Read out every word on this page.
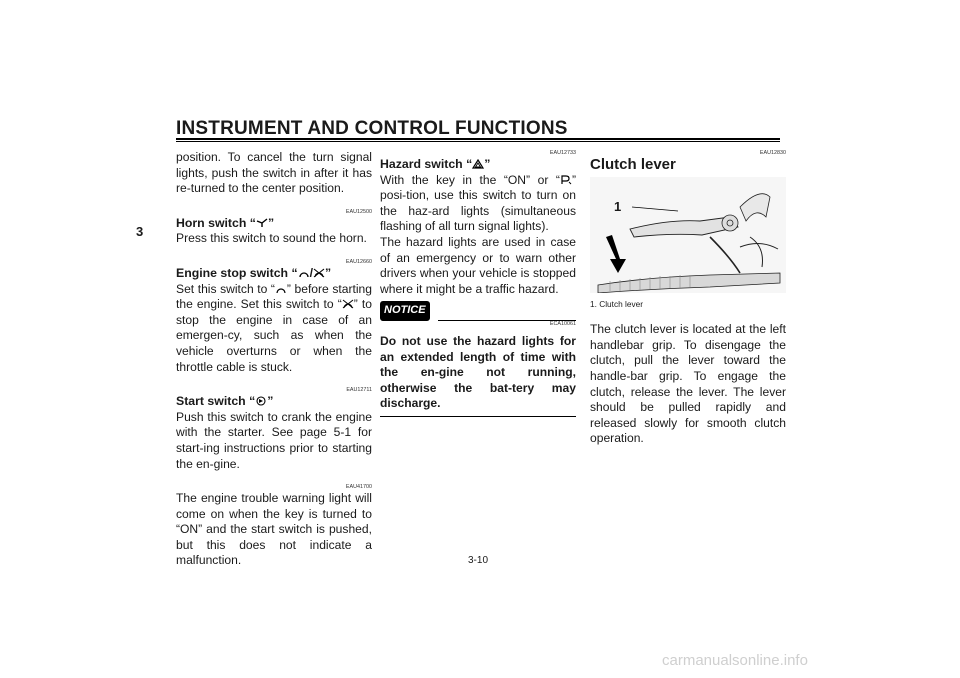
INSTRUMENT AND CONTROL FUNCTIONS
3

position. To cancel the turn signal lights, push the switch in after it has re-turned to the center position.

EAU12500

Horn switch “ ”

Press this switch to sound the horn.

EAU12660

Engine stop switch “ / ”

Set this switch to “ ” before starting the engine. Set this switch to “ ” to stop the engine in case of an emergen-cy, such as when the vehicle overturns or when the throttle cable is stuck.

EAU12711

Start switch “ ”

Push this switch to crank the engine with the starter. See page 5-1 for start-ing instructions prior to starting the en-gine.

EAU41700

The engine trouble warning light will come on when the key is turned to “ON” and the start switch is pushed, but this does not indicate a malfunction.

EAU12733

Hazard switch “ ”

With the key in the “ON” or “ ” posi-tion, use this switch to turn on the haz-ard lights (simultaneous flashing of all turn signal lights).

The hazard lights are used in case of an emergency or to warn other drivers when your vehicle is stopped where it might be a traffic hazard.

NOTICE

ECA10061

Do not use the hazard lights for an extended length of time with the en-gine not running, otherwise the bat-tery may discharge.

EAU12830

Clutch lever

1

1. Clutch lever

The clutch lever is located at the left handlebar grip. To disengage the clutch, pull the lever toward the handle-bar grip. To engage the clutch, release the lever. The lever should be pulled rapidly and released slowly for smooth clutch operation.

3-10
carmanualsonline.info
